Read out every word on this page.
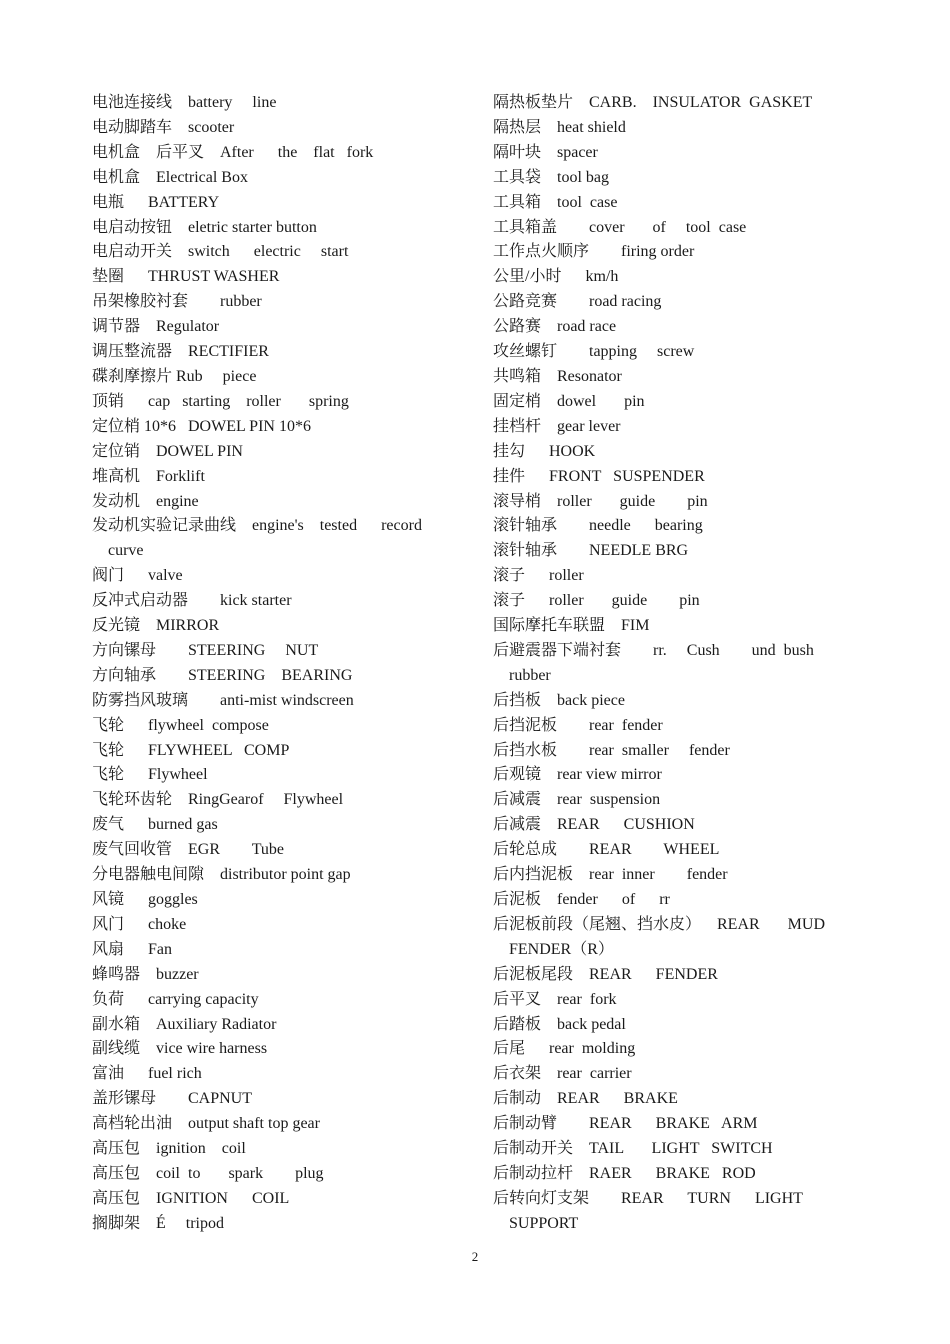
电池连接线    battery     line
电动脚踏车    scooter
电机盒    后平叉    After      the    flat   fork
电机盒    Electrical Box
电瓶      BATTERY
电启动按钮    eletric starter button
电启动开关    switch      electric     start
垫圈      THRUST WASHER
吊架橡胶衬套        rubber
调节器    Regulator
调压整流器    RECTIFIER
碟刹摩擦片 Rub     piece
顶销      cap   starting    roller       spring
定位梢 10*6   DOWEL PIN 10*6
定位销    DOWEL PIN
堆高机    Forklift
发动机    engine
发动机实验记录曲线    engine's    tested      record
curve
阀门      valve
反冲式启动器        kick starter
反光镜    MIRROR
方向镙母        STEERING     NUT
方向轴承        STEERING    BEARING
防雾挡风玻璃        anti-mist windscreen
飞轮      flywheel  compose
飞轮      FLYWHEEL   COMP
飞轮      Flywheel
飞轮环齿轮    RingGearof     Flywheel
废气      burned gas
废气回收管    EGR        Tube
分电器触电间隙    distributor point gap
风镜      goggles
风门      choke
风扇      Fan
蜂鸣器    buzzer
负荷      carrying capacity
副水箱    Auxiliary Radiator
副线缆    vice wire harness
富油      fuel rich
盖形镙母        CAPNUT
高档轮出油    output shaft top gear
高压包    ignition    coil
高压包    coil  to       spark        plug
高压包    IGNITION      COIL
搁脚架    É     tripod
隔热板垫片    CARB.    INSULATOR  GASKET
隔热层    heat shield
隔叶块    spacer
工具袋    tool bag
工具箱    tool  case
工具箱盖        cover       of     tool  case
工作点火顺序        firing order
公里/小时      km/h
公路竞赛        road racing
公路赛    road race
攻丝螺钉        tapping     screw
共鸣箱    Resonator
固定梢    dowel       pin
挂档杆    gear lever
挂勾      HOOK
挂件      FRONT   SUSPENDER
滚导梢    roller       guide        pin
滚针轴承        needle      bearing
滚针轴承        NEEDLE BRG
滚子      roller
滚子      roller       guide        pin
国际摩托车联盟    FIM
后避震器下端衬套        rr.     Cush        und  bush
rubber
后挡板    back piece
后挡泥板        rear  fender
后挡水板        rear  smaller     fender
后观镜    rear view mirror
后减震    rear  suspension
后减震    REAR      CUSHION
后轮总成        REAR        WHEEL
后内挡泥板    rear  inner        fender
后泥板    fender      of      rr
后泥板前段（尾翘、挡水皮）    REAR       MUD
FENDER（R）
后泥板尾段    REAR      FENDER
后平叉    rear  fork
后踏板    back pedal
后尾      rear  molding
后衣架    rear  carrier
后制动    REAR      BRAKE
后制动臂        REAR      BRAKE   ARM
后制动开关    TAIL       LIGHT   SWITCH
后制动拉杆    RAER      BRAKE   ROD
后转向灯支架        REAR      TURN      LIGHT
SUPPORT
2
